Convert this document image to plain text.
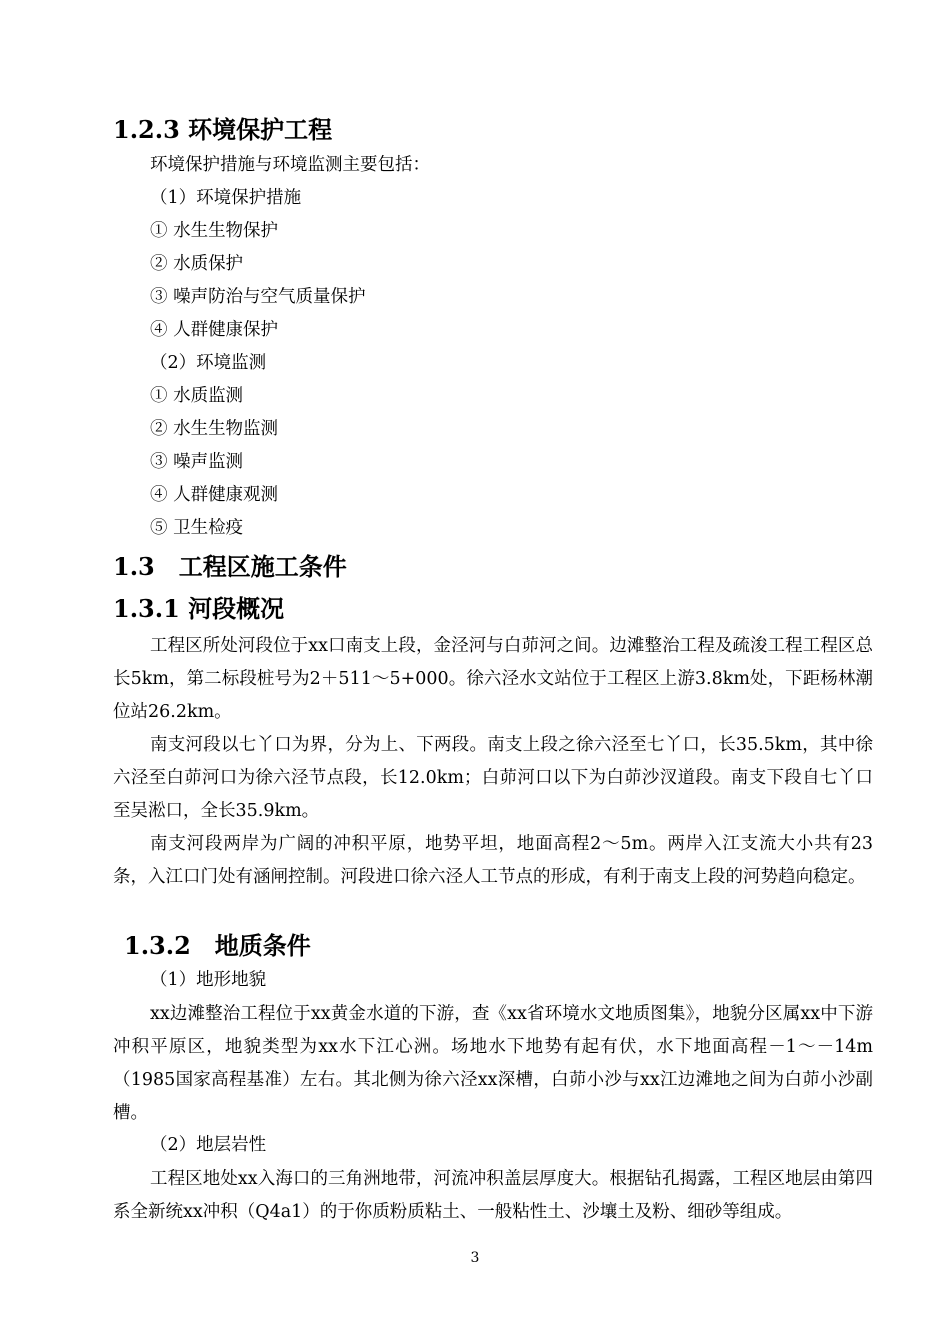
1.2.3 环境保护工程
环境保护措施与环境监测主要包括：
（1）环境保护措施
① 水生生物保护
② 水质保护
③ 噪声防治与空气质量保护
④ 人群健康保护
（2）环境监测
① 水质监测
② 水生生物监测
③ 噪声监测
④ 人群健康观测
⑤ 卫生检疫
1.3　工程区施工条件
1.3.1 河段概况

工程区所处河段位于xx口南支上段，金泾河与白茆河之间。边滩整治工程及疏浚工程工程区总长5km，第二标段桩号为2＋511～5+000。徐六泾水文站位于工程区上游3.8km处，下距杨林潮位站26.2km。

南支河段以七丫口为界，分为上、下两段。南支上段之徐六泾至七丫口，长35.5km，其中徐六泾至白茆河口为徐六泾节点段，长12.0km；白茆河口以下为白茆沙汊道段。南支下段自七丫口至吴淞口，全长35.9km。

南支河段两岸为广阔的冲积平原，地势平坦，地面高程2～5m。两岸入江支流大小共有23条，入江口门处有涵闸控制。河段进口徐六泾人工节点的形成，有利于南支上段的河势趋向稳定。

1.3.2　地质条件
（1）地形地貌

xx边滩整治工程位于xx黄金水道的下游，查《xx省环境水文地质图集》，地貌分区属xx中下游冲积平原区，地貌类型为xx水下江心洲。场地水下地势有起有伏，水下地面高程－1～－14m（1985国家高程基准）左右。其北侧为徐六泾xx深槽，白茆小沙与xx江边滩地之间为白茆小沙副槽。

（2）地层岩性

工程区地处xx入海口的三角洲地带，河流冲积盖层厚度大。根据钻孔揭露，工程区地层由第四系全新统xx冲积（Q4a1）的于你质粉质粘土、一般粘性土、沙壤土及粉、细砂等组成。

3
